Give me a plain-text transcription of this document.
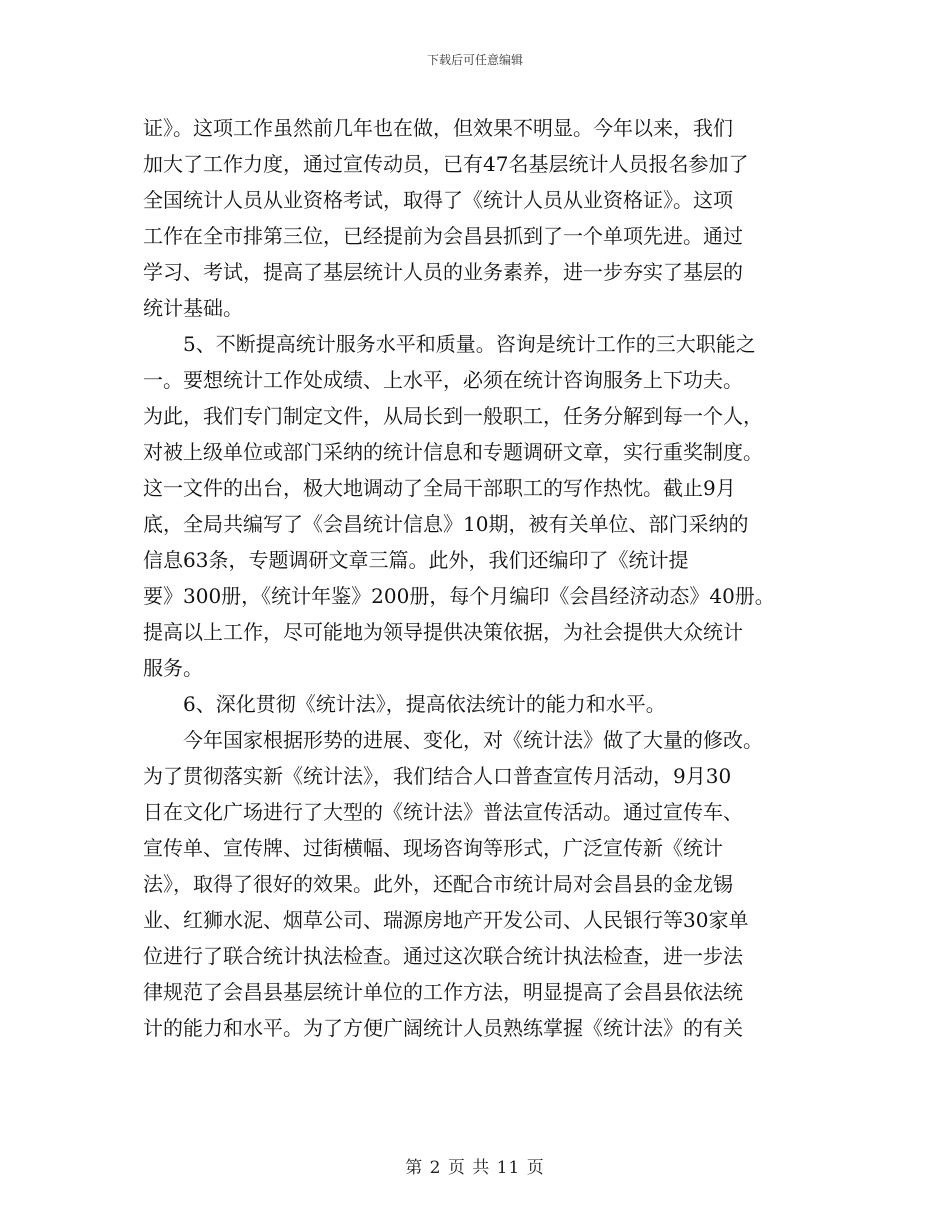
下载后可任意编辑
证》。这项工作虽然前几年也在做，但效果不明显。今年以来，我们
加大了工作力度，通过宣传动员，已有47名基层统计人员报名参加了
全国统计人员从业资格考试，取得了《统计人员从业资格证》。这项
工作在全市排第三位，已经提前为会昌县抓到了一个单项先进。通过
学习、考试，提高了基层统计人员的业务素养，进一步夯实了基层的
统计基础。
　　5、不断提高统计服务水平和质量。咨询是统计工作的三大职能之
一。要想统计工作处成绩、上水平，必须在统计咨询服务上下功夫。
为此，我们专门制定文件，从局长到一般职工，任务分解到每一个人，
对被上级单位或部门采纳的统计信息和专题调研文章，实行重奖制度。
这一文件的出台，极大地调动了全局干部职工的写作热忱。截止9月
底，全局共编写了《会昌统计信息》10期，被有关单位、部门采纳的
信息63条，专题调研文章三篇。此外，我们还编印了《统计提
要》300册，《统计年鉴》200册，每个月编印《会昌经济动态》40册。
提高以上工作，尽可能地为领导提供决策依据，为社会提供大众统计
服务。
　　6、深化贯彻《统计法》，提高依法统计的能力和水平。
　　今年国家根据形势的进展、变化，对《统计法》做了大量的修改。
为了贯彻落实新《统计法》，我们结合人口普查宣传月活动，9月30
日在文化广场进行了大型的《统计法》普法宣传活动。通过宣传车、
宣传单、宣传牌、过街横幅、现场咨询等形式，广泛宣传新《统计
法》，取得了很好的效果。此外，还配合市统计局对会昌县的金龙锡
业、红狮水泥、烟草公司、瑞源房地产开发公司、人民银行等30家单
位进行了联合统计执法检查。通过这次联合统计执法检查，进一步法
律规范了会昌县基层统计单位的工作方法，明显提高了会昌县依法统
计的能力和水平。为了方便广阔统计人员熟练掌握《统计法》的有关
第 2 页 共 11 页
